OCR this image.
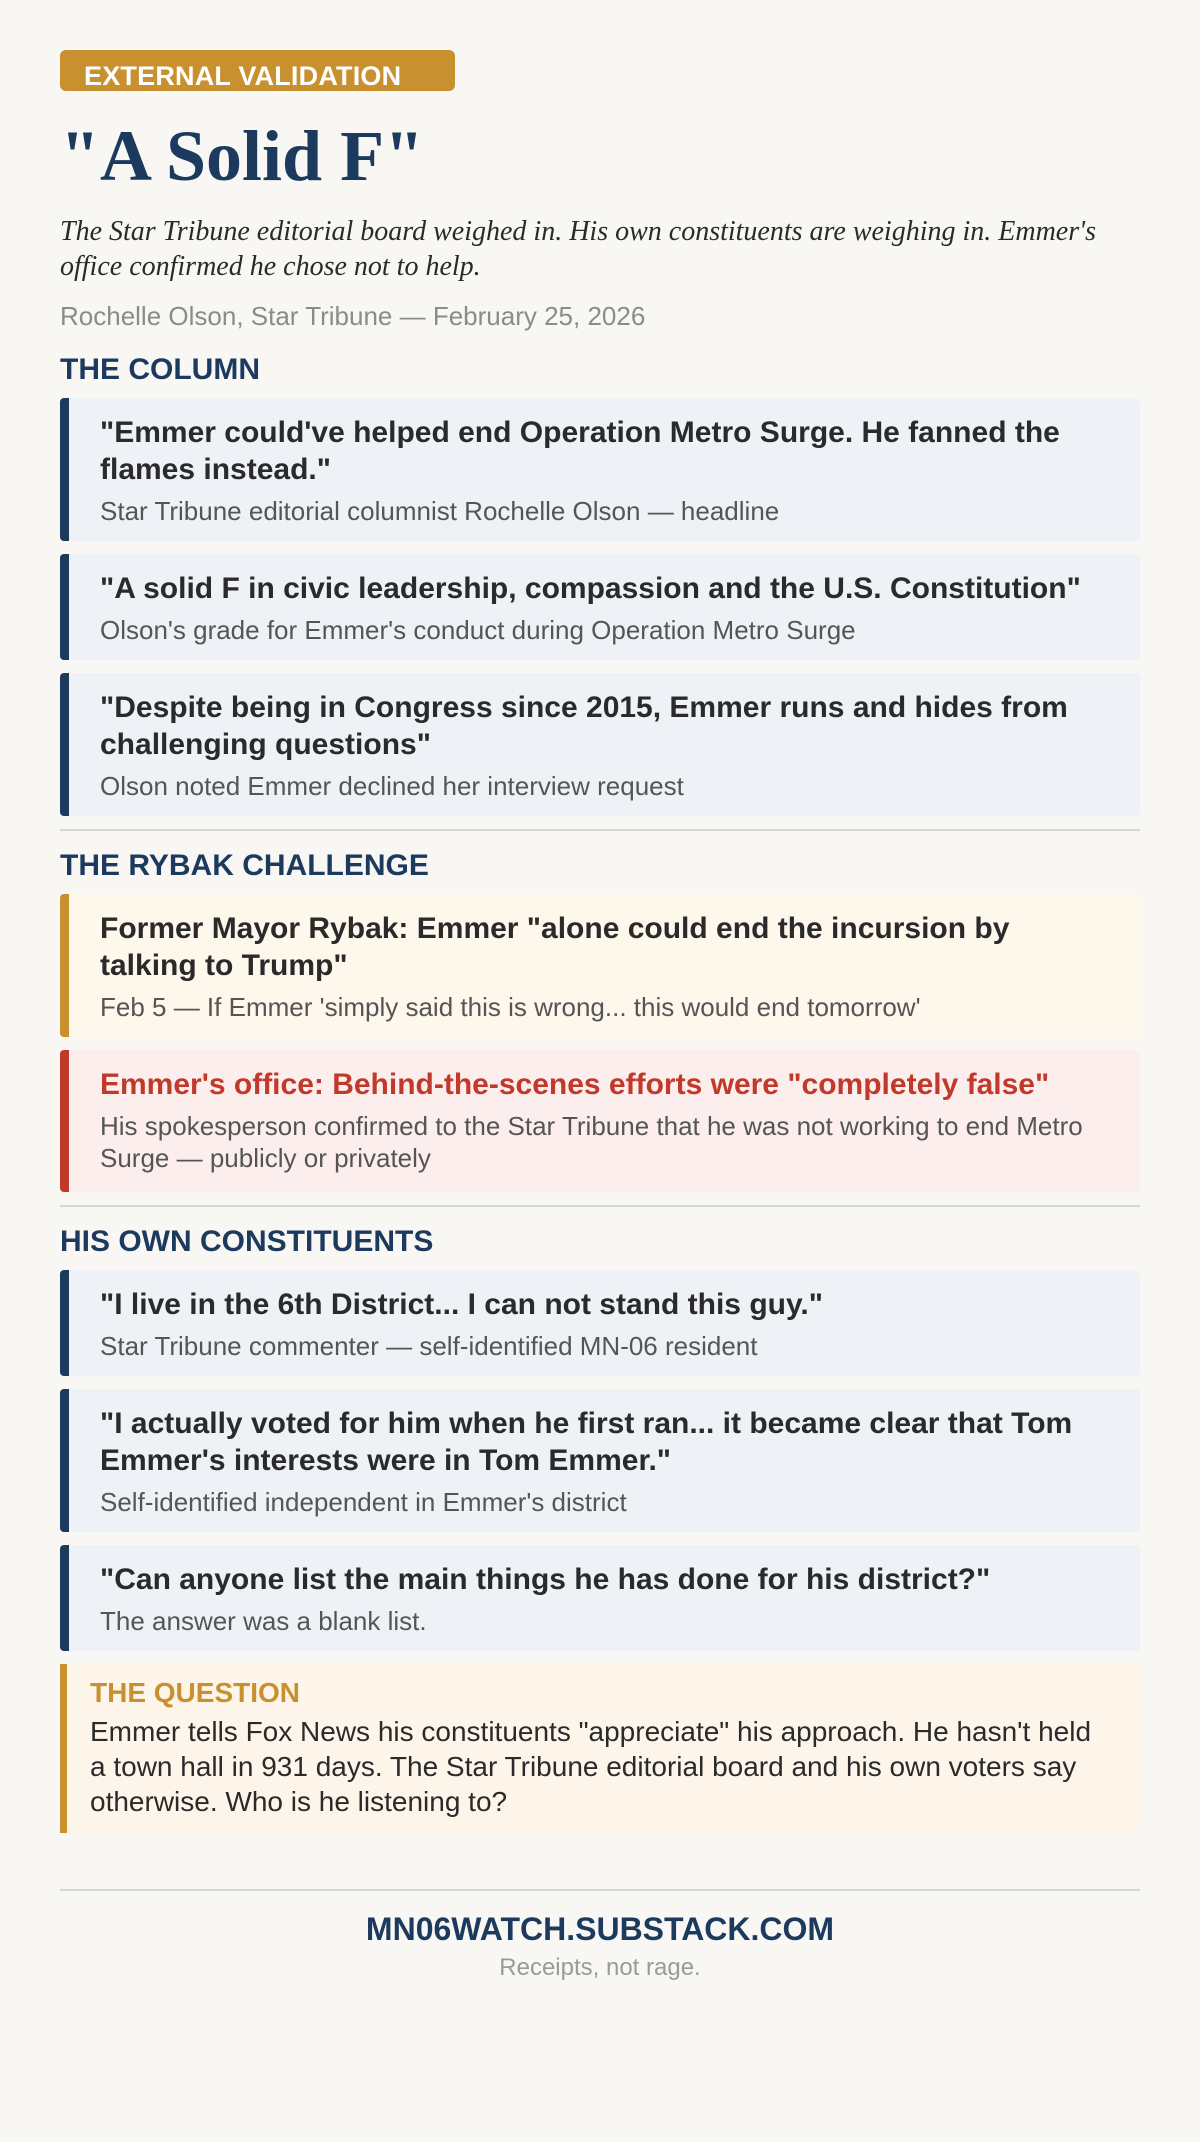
EXTERNAL VALIDATION
"A Solid F"

The Star Tribune editorial board weighed in. His own constituents are weighing in. Emmer's office confirmed he chose not to help.

Rochelle Olson, Star Tribune — February 25, 2026
THE COLUMN
"Emmer could've helped end Operation Metro Surge. He fanned the flames instead."
Star Tribune editorial columnist Rochelle Olson — headline
"A solid F in civic leadership, compassion and the U.S. Constitution"
Olson's grade for Emmer's conduct during Operation Metro Surge
"Despite being in Congress since 2015, Emmer runs and hides from challenging questions"
Olson noted Emmer declined her interview request
THE RYBAK CHALLENGE
Former Mayor Rybak: Emmer "alone could end the incursion by talking to Trump"
Feb 5 — If Emmer 'simply said this is wrong... this would end tomorrow'
Emmer's office: Behind-the-scenes efforts were "completely false"
His spokesperson confirmed to the Star Tribune that he was not working to end Metro Surge — publicly or privately
HIS OWN CONSTITUENTS
"I live in the 6th District... I can not stand this guy."
Star Tribune commenter — self-identified MN-06 resident
"I actually voted for him when he first ran... it became clear that Tom Emmer's interests were in Tom Emmer."
Self-identified independent in Emmer's district
"Can anyone list the main things he has done for his district?"
The answer was a blank list.
THE QUESTION
Emmer tells Fox News his constituents "appreciate" his approach. He hasn't held a town hall in 931 days. The Star Tribune editorial board and his own voters say otherwise. Who is he listening to?
MN06WATCH.SUBSTACK.COM
Receipts, not rage.
